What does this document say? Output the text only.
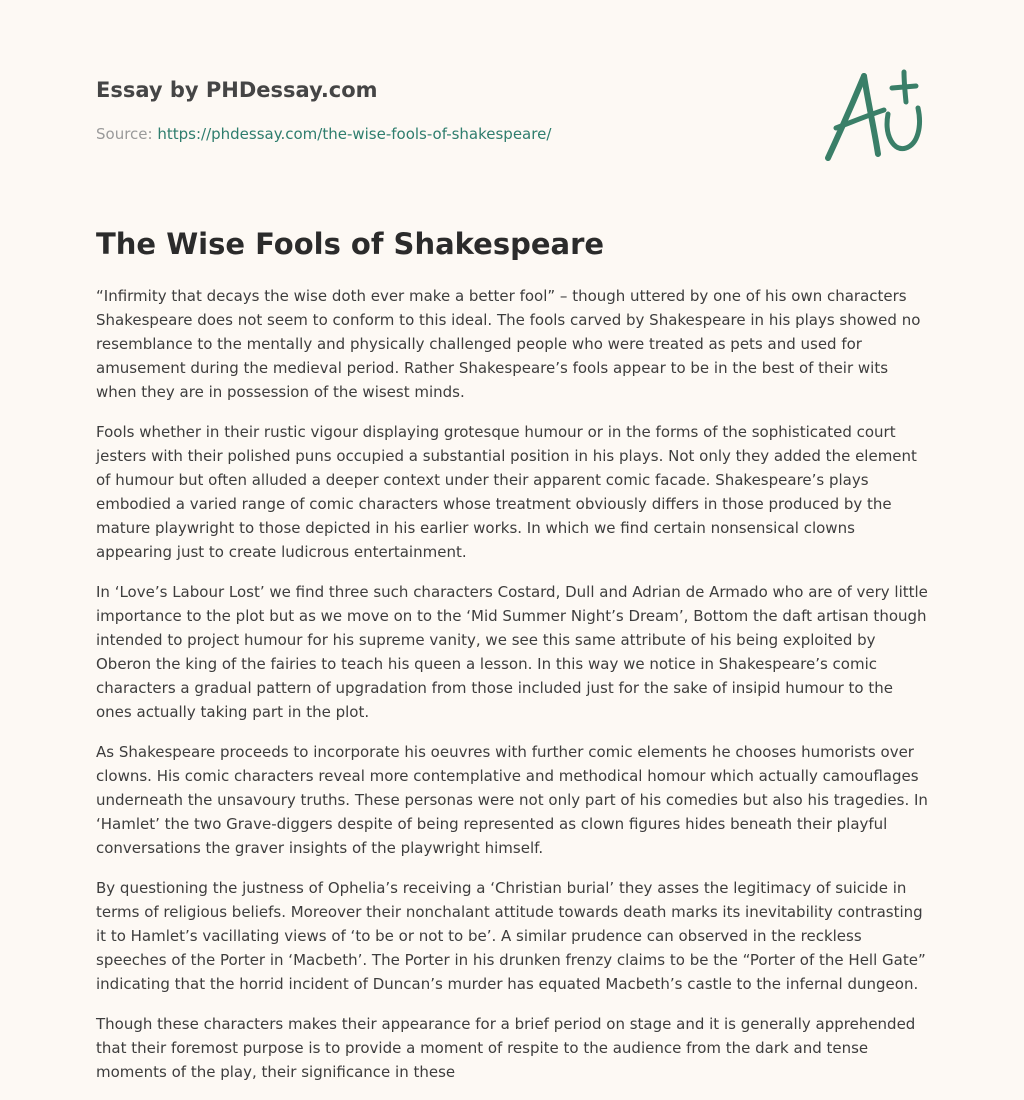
Essay by PHDessay.com
Source: https://phdessay.com/the-wise-fools-of-shakespeare/
The Wise Fools of Shakespeare

“Infirmity that decays the wise doth ever make a better fool” – though uttered by one of his own characters Shakespeare does not seem to conform to this ideal. The fools carved by Shakespeare in his plays showed no resemblance to the mentally and physically challenged people who were treated as pets and used for amusement during the medieval period. Rather Shakespeare’s fools appear to be in the best of their wits when they are in possession of the wisest minds.

Fools whether in their rustic vigour displaying grotesque humour or in the forms of the sophisticated court jesters with their polished puns occupied a substantial position in his plays. Not only they added the element of humour but often alluded a deeper context under their apparent comic facade. Shakespeare’s plays embodied a varied range of comic characters whose treatment obviously differs in those produced by the mature playwright to those depicted in his earlier works. In which we find certain nonsensical clowns appearing just to create ludicrous entertainment.

In ‘Love’s Labour Lost’ we find three such characters Costard, Dull and Adrian de Armado who are of very little importance to the plot but as we move on to the ‘Mid Summer Night’s Dream’, Bottom the daft artisan though intended to project humour for his supreme vanity, we see this same attribute of his being exploited by Oberon the king of the fairies to teach his queen a lesson. In this way we notice in Shakespeare’s comic characters a gradual pattern of upgradation from those included just for the sake of insipid humour to the ones actually taking part in the plot.

As Shakespeare proceeds to incorporate his oeuvres with further comic elements he chooses humorists over clowns. His comic characters reveal more contemplative and methodical homour which actually camouflages underneath the unsavoury truths. These personas were not only part of his comedies but also his tragedies. In ‘Hamlet’ the two Grave-diggers despite of being represented as clown figures hides beneath their playful conversations the graver insights of the playwright himself.

By questioning the justness of Ophelia’s receiving a ‘Christian burial’ they asses the legitimacy of suicide in terms of religious beliefs. Moreover their nonchalant attitude towards death marks its inevitability contrasting it to Hamlet’s vacillating views of ‘to be or not to be’. A similar prudence can observed in the reckless speeches of the Porter in ‘Macbeth’. The Porter in his drunken frenzy claims to be the “Porter of the Hell Gate” indicating that the horrid incident of Duncan’s murder has equated Macbeth’s castle to the infernal dungeon.

Though these characters makes their appearance for a brief period on stage and it is generally apprehended that their foremost purpose is to provide a moment of respite to the audience from the dark and tense moments of the play, their significance in these
